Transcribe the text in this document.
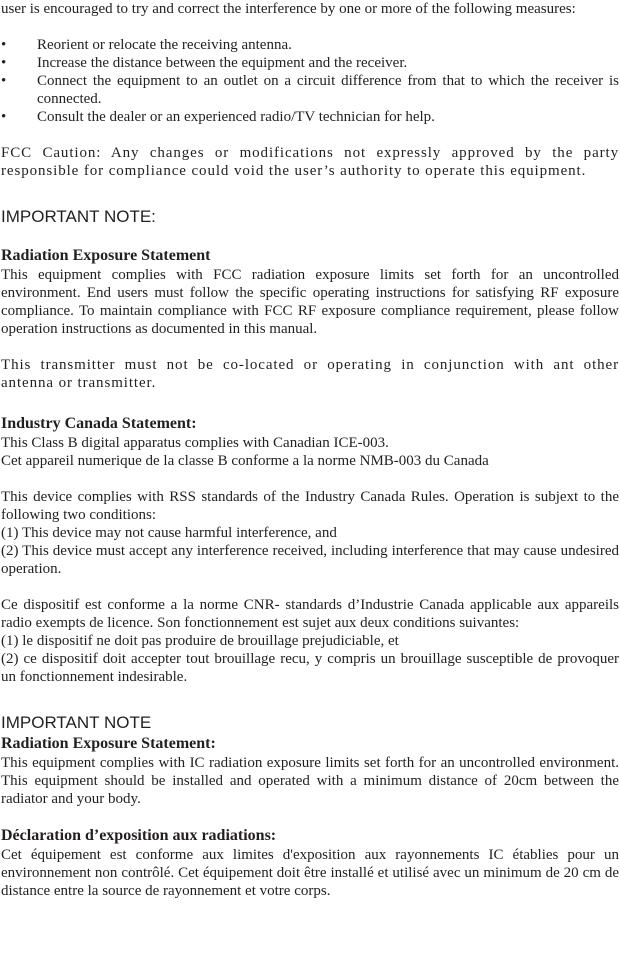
user is encouraged to try and correct the interference by one or more of the following measures:

• Reorient or relocate the receiving antenna.
• Increase the distance between the equipment and the receiver.
• Connect the equipment to an outlet on a circuit difference from that to which the receiver is connected.
• Consult the dealer or an experienced radio/TV technician for help.

FCC Caution: Any changes or modifications not expressly approved by the party responsible for compliance could void the user’s authority to operate this equipment.

IMPORTANT NOTE:
Radiation Exposure Statement

This equipment complies with FCC radiation exposure limits set forth for an uncontrolled environment. End users must follow the specific operating instructions for satisfying RF exposure compliance. To maintain compliance with FCC RF exposure compliance requirement, please follow operation instructions as documented in this manual.

This transmitter must not be co-located or operating in conjunction with ant other antenna or transmitter.

Industry Canada Statement:

This Class B digital apparatus complies with Canadian ICE-003.

Cet appareil numerique de la classe B conforme a la norme NMB-003 du Canada

This device complies with RSS standards of the Industry Canada Rules. Operation is subjext to the following two conditions:

(1) This device may not cause harmful interference, and

(2) This device must accept any interference received, including interference that may cause undesired operation.

Ce dispositif est conforme a la norme CNR- standards d’Industrie Canada applicable aux appareils radio exempts de licence. Son fonctionnement est sujet aux deux conditions suivantes:

(1) le dispositif ne doit pas produire de brouillage prejudiciable, et

(2) ce dispositif doit accepter tout brouillage recu, y compris un brouillage susceptible de provoquer un fonctionnement indesirable.

IMPORTANT NOTE
Radiation Exposure Statement:

This equipment complies with IC radiation exposure limits set forth for an uncontrolled environment. This equipment should be installed and operated with a minimum distance of 20cm between the radiator and your body.

Déclaration d’exposition aux radiations:

Cet équipement est conforme aux limites d'exposition aux rayonnements IC établies pour un environnement non contrôlé. Cet équipement doit être installé et utilisé avec un minimum de 20 cm de distance entre la source de rayonnement et votre corps.
